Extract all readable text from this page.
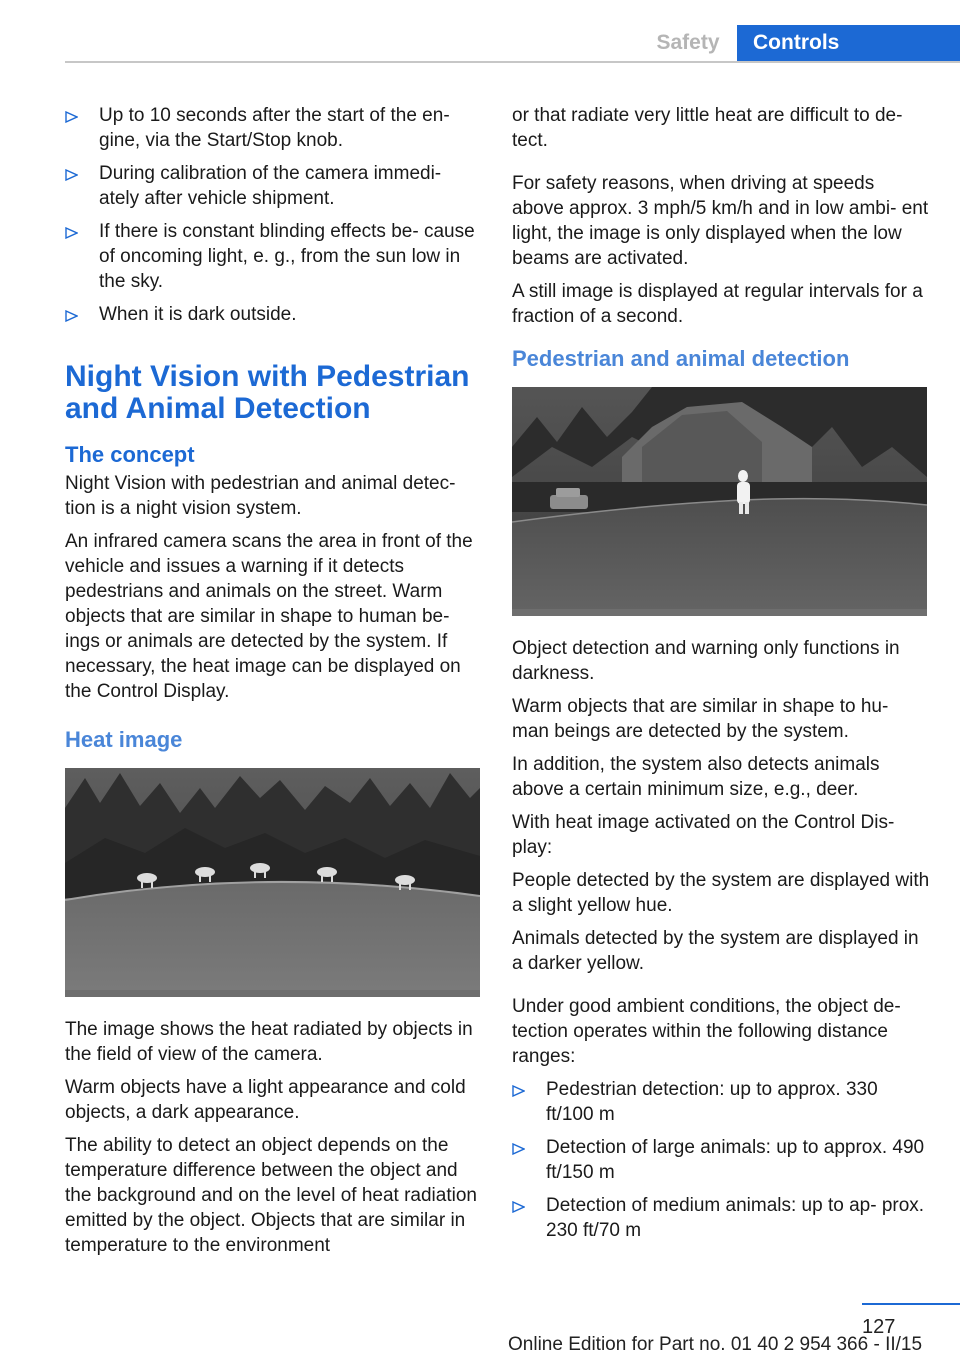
Safety	Controls
Up to 10 seconds after the start of the en‐ gine, via the Start/Stop knob.
During calibration of the camera immedi‐ ately after vehicle shipment.
If there is constant blinding effects be‐ cause of oncoming light, e. g., from the sun low in the sky.
When it is dark outside.
Night Vision with Pedestrian and Animal Detection
The concept

Night Vision with pedestrian and animal detec‐ tion is a night vision system.

An infrared camera scans the area in front of the vehicle and issues a warning if it detects pedestrians and animals on the street. Warm objects that are similar in shape to human be‐ ings or animals are detected by the system. If necessary, the heat image can be displayed on the Control Display.

Heat image

The image shows the heat radiated by objects in the field of view of the camera.

Warm objects have a light appearance and cold objects, a dark appearance.

The ability to detect an object depends on the temperature difference between the object and the background and on the level of heat radiation emitted by the object. Objects that are similar in temperature to the environment

or that radiate very little heat are difficult to de‐ tect.

For safety reasons, when driving at speeds above approx. 3 mph/5 km/h and in low ambi‐ ent light, the image is only displayed when the low beams are activated.

A still image is displayed at regular intervals for a fraction of a second.

Pedestrian and animal detection

Object detection and warning only functions in darkness.

Warm objects that are similar in shape to hu‐ man beings are detected by the system.

In addition, the system also detects animals above a certain minimum size, e.g., deer.

With heat image activated on the Control Dis‐ play:

People detected by the system are displayed with a slight yellow hue.

Animals detected by the system are displayed in a darker yellow.

Under good ambient conditions, the object de‐ tection operates within the following distance ranges:

Pedestrian detection: up to approx. 330 ft/100 m
Detection of large animals: up to approx. 490 ft/150 m
Detection of medium animals: up to ap‐ prox. 230 ft/70 m
127
Online Edition for Part no. 01 40 2 954 366 - II/15
